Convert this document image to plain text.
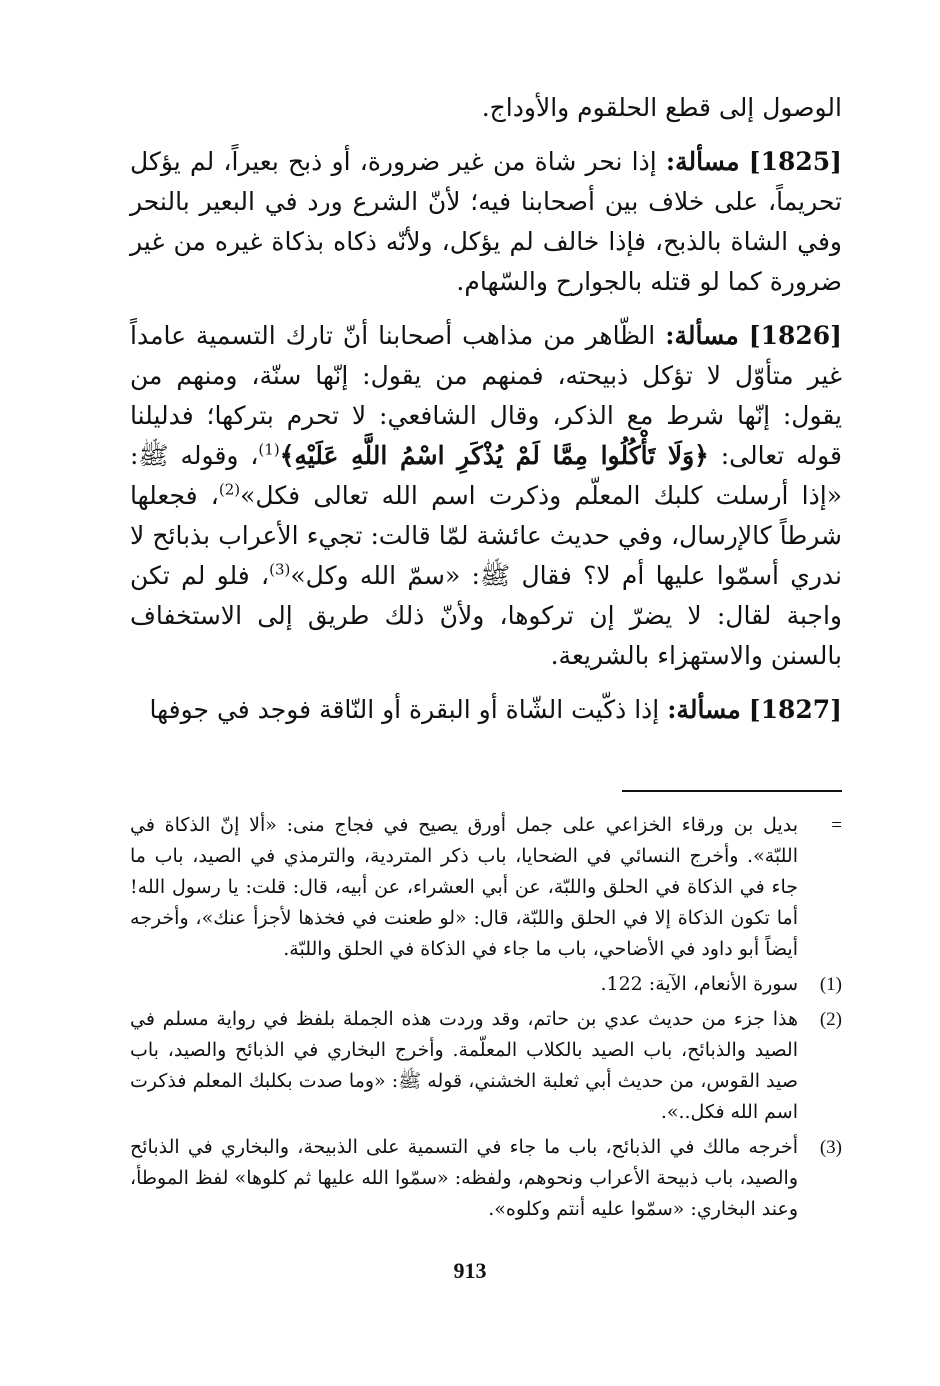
الوصول إلى قطع الحلقوم والأوداج.

[1825] مسألة: إذا نحر شاة من غير ضرورة، أو ذبح بعيراً، لم يؤكل تحريماً، على خلاف بين أصحابنا فيه؛ لأنّ الشرع ورد في البعير بالنحر وفي الشاة بالذبح، فإذا خالف لم يؤكل، ولأنّه ذكاه بذكاة غيره من غير ضرورة كما لو قتله بالجوارح والسّهام.

[1826] مسألة: الظّاهر من مذاهب أصحابنا أنّ تارك التسمية عامداً غير متأوّل لا تؤكل ذبيحته، فمنهم من يقول: إنّها سنّة، ومنهم من يقول: إنّها شرط مع الذكر، وقال الشافعي: لا تحرم بتركها؛ فدليلنا قوله تعالى: ﴿وَلَا تَأْكُلُوا مِمَّا لَمْ يُذْكَرِ اسْمُ اللَّهِ عَلَيْهِ﴾$^{(1)}$، وقوله ﷺ: «إذا أرسلت كلبك المعلّم وذكرت اسم الله تعالى فكل»$^{(2)}$، فجعلها شرطاً كالإرسال، وفي حديث عائشة لمّا قالت: تجيء الأعراب بذبائح لا ندري أسمّوا عليها أم لا؟ فقال ﷺ: «سمّ الله وكل»$^{(3)}$، فلو لم تكن واجبة لقال: لا يضرّ إن تركوها، ولأنّ ذلك طريق إلى الاستخفاف بالسنن والاستهزاء بالشريعة.

[1827] مسألة: إذا ذكّيت الشّاة أو البقرة أو النّاقة فوجد في جوفها

=
بديل بن ورقاء الخزاعي على جمل أورق يصيح في فجاج منى: «ألا إنّ الذكاة في اللبّة». وأخرج النسائي في الضحايا، باب ذكر المتردية، والترمذي في الصيد، باب ما جاء في الذكاة في الحلق واللبّة، عن أبي العشراء، عن أبيه، قال: قلت: يا رسول الله! أما تكون الذكاة إلا في الحلق واللبّة، قال: «لو طعنت في فخذها لأجزأ عنك»، وأخرجه أيضاً أبو داود في الأضاحي، باب ما جاء في الذكاة في الحلق واللبّة.
(1)
سورة الأنعام، الآية: 122.
(2)
هذا جزء من حديث عدي بن حاتم، وقد وردت هذه الجملة بلفظ في رواية مسلم في الصيد والذبائح، باب الصيد بالكلاب المعلّمة. وأخرج البخاري في الذبائح والصيد، باب صيد القوس، من حديث أبي ثعلبة الخشني، قوله ﷺ: «وما صدت بكلبك المعلم فذكرت اسم الله فكل..».
(3)
أخرجه مالك في الذبائح، باب ما جاء في التسمية على الذبيحة، والبخاري في الذبائح والصيد، باب ذبيحة الأعراب ونحوهم، ولفظه: «سمّوا الله عليها ثم كلوها» لفظ الموطأ، وعند البخاري: «سمّوا عليه أنتم وكلوه».
913
